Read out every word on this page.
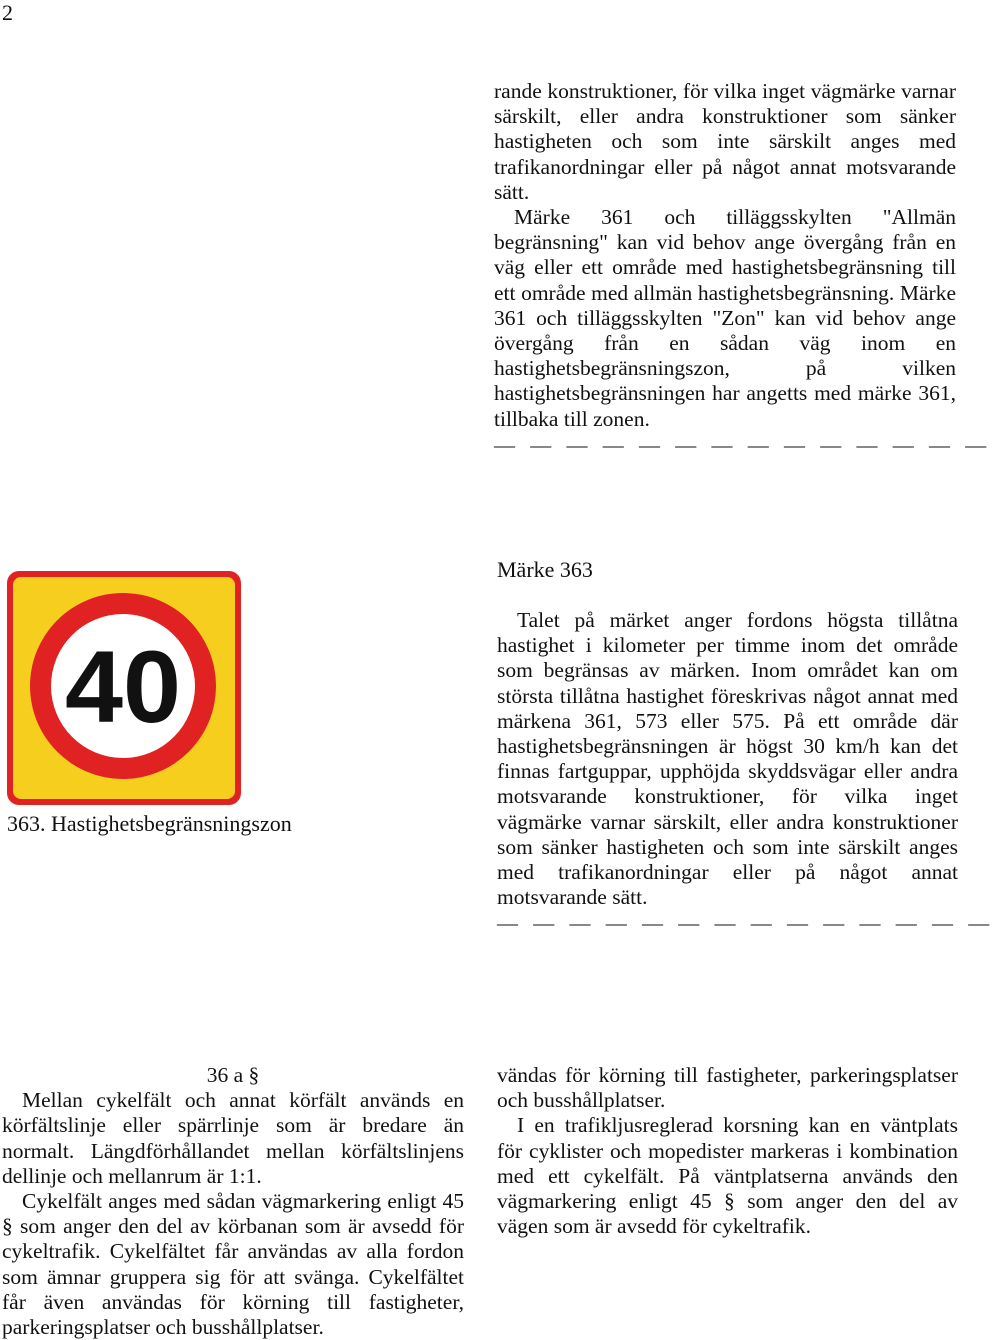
2

rande konstruktioner, för vilka inget vägmärke varnar särskilt, eller andra konstruktioner som sänker hastigheten och som inte särskilt anges med trafikanordningar eller på något annat motsvarande sätt.

Märke 361 och tilläggsskylten "Allmän begränsning" kan vid behov ange övergång från en väg eller ett område med hastighetsbegränsning till ett område med allmän hastighetsbegränsning. Märke 361 och tilläggsskylten "Zon" kan vid behov ange övergång från en sådan väg inom en hastighetsbegränsningszon, på vilken hastighetsbegränsningen har angetts med märke 361, tillbaka till zonen.

— — — — — — — — — — — — — —
40
Märke 363

Talet på märket anger fordons högsta tillåtna hastighet i kilometer per timme inom det område som begränsas av märken. Inom området kan om största tillåtna hastighet föreskrivas något annat med märkena 361, 573 eller 575. På ett område där hastighetsbegränsningen är högst 30 km/h kan det finnas fartguppar, upphöjda skyddsvägar eller andra motsvarande konstruktioner, för vilka inget vägmärke varnar särskilt, eller andra konstruktioner som sänker hastigheten och som inte särskilt anges med trafikanordningar eller på något annat motsvarande sätt.

— — — — — — — — — — — — — —
363. Hastighetsbegränsningszon

36 a §

Mellan cykelfält och annat körfält används en körfältslinje eller spärrlinje som är bredare än normalt. Längdförhållandet mellan körfältslinjens dellinje och mellanrum är 1:1.

Cykelfält anges med sådan vägmarkering enligt 45 § som anger den del av körbanan som är avsedd för cykeltrafik. Cykelfältet får användas av alla fordon som ämnar gruppera sig för att svänga. Cykelfältet får även användas för körning till fastigheter, parkeringsplatser och busshållplatser.

vändas för körning till fastigheter, parkeringsplatser och busshållplatser.

I en trafikljusreglerad korsning kan en väntplats för cyklister och mopedister markeras i kombination med ett cykelfält. På väntplatserna används den vägmarkering enligt 45 § som anger den del av vägen som är avsedd för cykeltrafik.
